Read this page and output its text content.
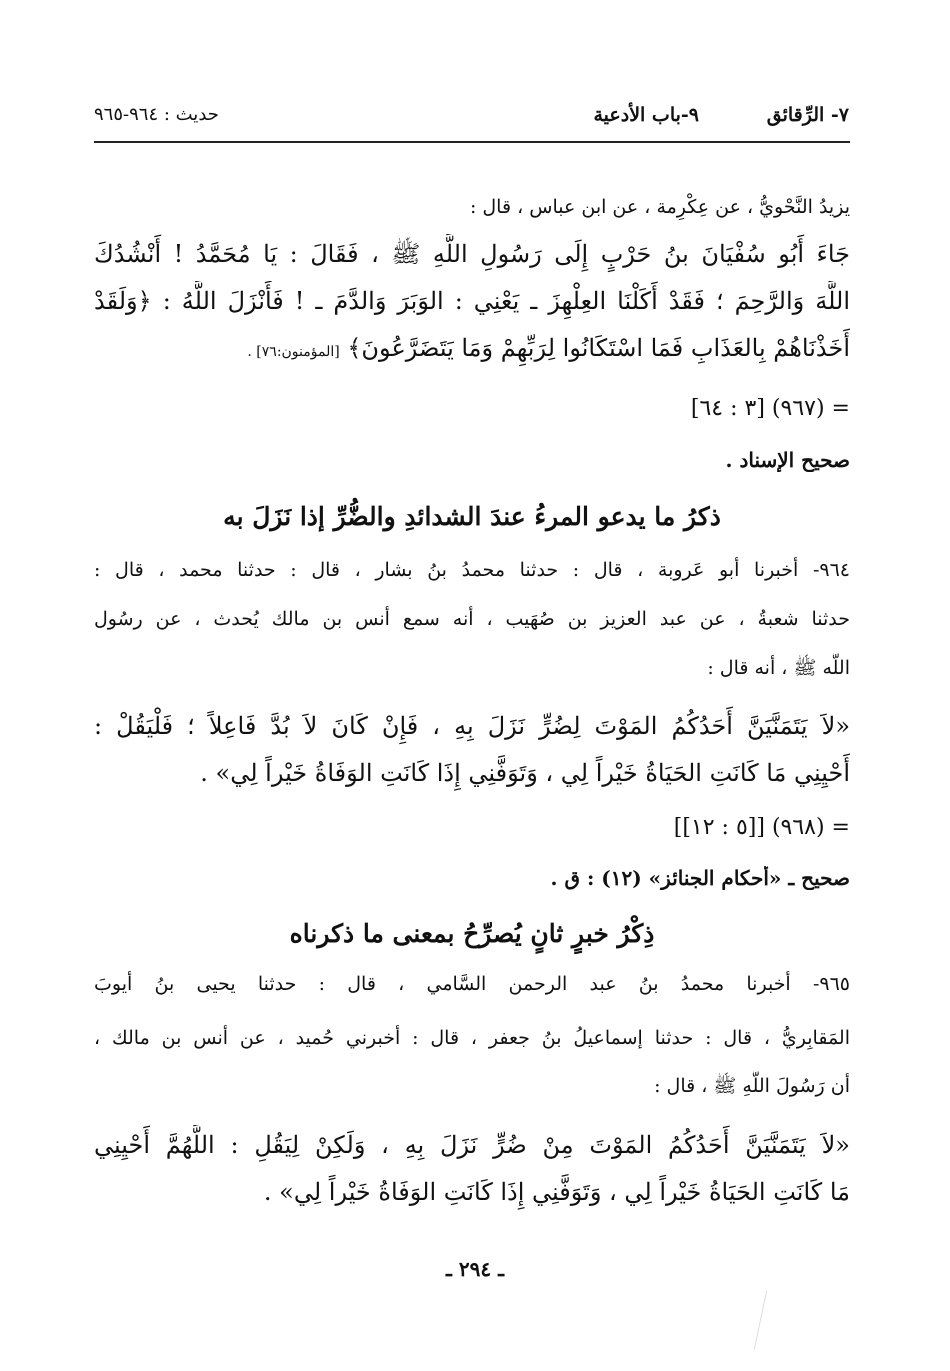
٧- الرِّقائق
٩-باب الأدعية
حديث : ٩٦٤-٩٦٥
يزيدُ النَّحْويُّ ، عن عِكْرِمة ، عن ابن عباس ، قال :
جَاءَ أَبُو سُفْيَانَ بنُ حَرْبٍ إِلَى رَسُولِ اللَّهِ ﷺ ، فَقَالَ : يَا مُحَمَّدُ ! أَنْشُدُكَ
اللَّهَ وَالرَّحِمَ ؛ فَقَدْ أَكَلْنَا العِلْهِزَ ـ يَعْنِي : الوَبَرَ وَالدَّمَ ـ ! فَأَنْزَلَ اللَّهُ : ﴿وَلَقَدْ
أَخَذْنَاهُمْ بِالعَذَابِ فَمَا اسْتَكَانُوا لِرَبِّهِمْ وَمَا يَتَضَرَّعُونَ﴾ [المؤمنون:٧٦] .
= (٩٦٧) [٣ : ٦٤]
صحيح الإسناد .
ذكرُ ما يدعو المرءُ عندَ الشدائدِ والضُّرِّ إذا نَزَلَ به
٩٦٤- أخبرنا أبو عَروبة ، قال : حدثنا محمدُ بنُ بشار ، قال : حدثنا محمد ، قال :
حدثنا شعبةُ ، عن عبد العزيز بن صُهَيب ، أنه سمع أنس بن مالك يُحدث ، عن رسُول
اللَّه ﷺ ، أنه قال :
«لاَ يَتَمَنَّيَنَّ أَحَدُكُمُ المَوْتَ لِضُرٍّ نَزَلَ بِهِ ، فَإِنْ كَانَ لاَ بُدَّ فَاعِلاً ؛ فَلْيَقُلْ :
أَحْيِنِي مَا كَانَتِ الحَيَاةُ خَيْراً لِي ، وَتَوَفَّنِي إِذَا كَانَتِ الوَفَاةُ خَيْراً لِي» .
= (٩٦٨) [[٥ : ١٢]]
صحيح ـ «أحكام الجنائز» (١٢) : ق .
ذِكْرُ خبرٍ ثانٍ يُصرِّحُ بمعنى ما ذكرناه
٩٦٥- أخبرنا محمدُ بنُ عبد الرحمن السَّامي ، قال : حدثنا يحيى بنُ أيوبَ
المَقابِريُّ ، قال : حدثنا إسماعيلُ بنُ جعفر ، قال : أخبرني حُميد ، عن أنس بن مالك ،
أن رَسُولَ اللَّهِ ﷺ ، قال :
«لاَ يَتَمَنَّيَنَّ أَحَدُكُمُ المَوْتَ مِنْ ضُرٍّ نَزَلَ بِهِ ، وَلَكِنْ لِيَقُلِ : اللَّهُمَّ أَحْيِنِي
مَا كَانَتِ الحَيَاةُ خَيْراً لِي ، وَتَوَفَّنِي إِذَا كَانَتِ الوَفَاةُ خَيْراً لِي» .
ـ ٢٩٤ ـ
